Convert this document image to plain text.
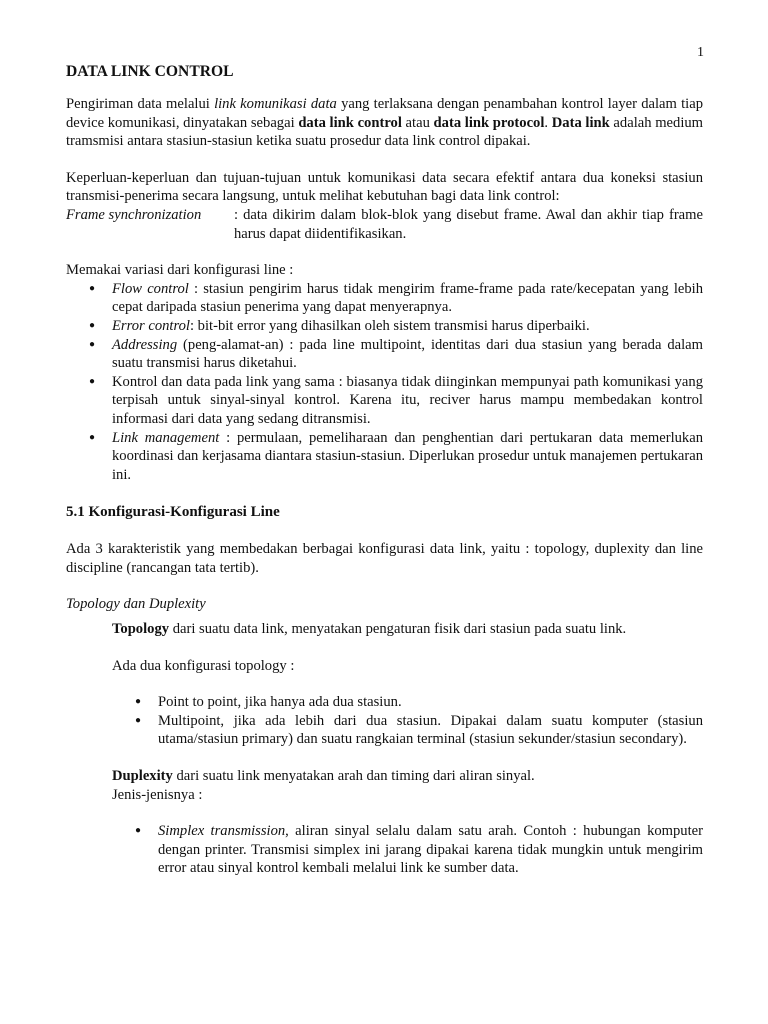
1
DATA LINK CONTROL

Pengiriman data melalui link komunikasi data yang terlaksana dengan penambahan kontrol layer dalam tiap device komunikasi, dinyatakan sebagai data link control atau data link protocol. Data link adalah medium tramsmisi antara stasiun-stasiun ketika suatu prosedur data link control dipakai.

Keperluan-keperluan dan tujuan-tujuan untuk komunikasi data secara efektif antara dua koneksi stasiun transmisi-penerima secara langsung, untuk melihat kebutuhan bagi data link control:

Frame synchronization	: data dikirim dalam blok-blok yang disebut frame. Awal dan akhir tiap frame harus dapat diidentifikasikan.

Memakai variasi dari konfigurasi line :

● Flow control : stasiun pengirim harus tidak mengirim frame-frame pada rate/kecepatan yang lebih cepat daripada stasiun penerima yang dapat menyerapnya.
● Error control: bit-bit error yang dihasilkan oleh sistem transmisi harus diperbaiki.
● Addressing (peng-alamat-an) : pada line multipoint, identitas dari dua stasiun yang berada dalam suatu transmisi harus diketahui.
● Kontrol dan data pada link yang sama : biasanya tidak diinginkan mempunyai path komunikasi yang terpisah untuk sinyal-sinyal kontrol. Karena itu, reciver harus mampu membedakan kontrol informasi dari data yang sedang ditransmisi.
● Link management : permulaan, pemeliharaan dan penghentian dari pertukaran data memerlukan koordinasi dan kerjasama diantara stasiun-stasiun. Diperlukan prosedur untuk manajemen pertukaran ini.
5.1 Konfigurasi-Konfigurasi Line

Ada 3 karakteristik yang membedakan berbagai konfigurasi data link, yaitu : topology, duplexity dan line discipline (rancangan tata tertib).

Topology dan Duplexity

Topology dari suatu data link, menyatakan pengaturan fisik dari stasiun pada suatu link.

Ada dua konfigurasi topology :

● Point to point, jika hanya ada dua stasiun.
● Multipoint, jika ada lebih dari dua stasiun. Dipakai dalam suatu komputer (stasiun utama/stasiun primary) dan suatu rangkaian terminal (stasiun sekunder/stasiun secondary).

Duplexity dari suatu link menyatakan arah dan timing dari aliran sinyal.

Jenis-jenisnya :

● Simplex transmission, aliran sinyal selalu dalam satu arah. Contoh : hubungan komputer dengan printer. Transmisi simplex ini jarang dipakai karena tidak mungkin untuk mengirim error atau sinyal kontrol kembali melalui link ke sumber data.
